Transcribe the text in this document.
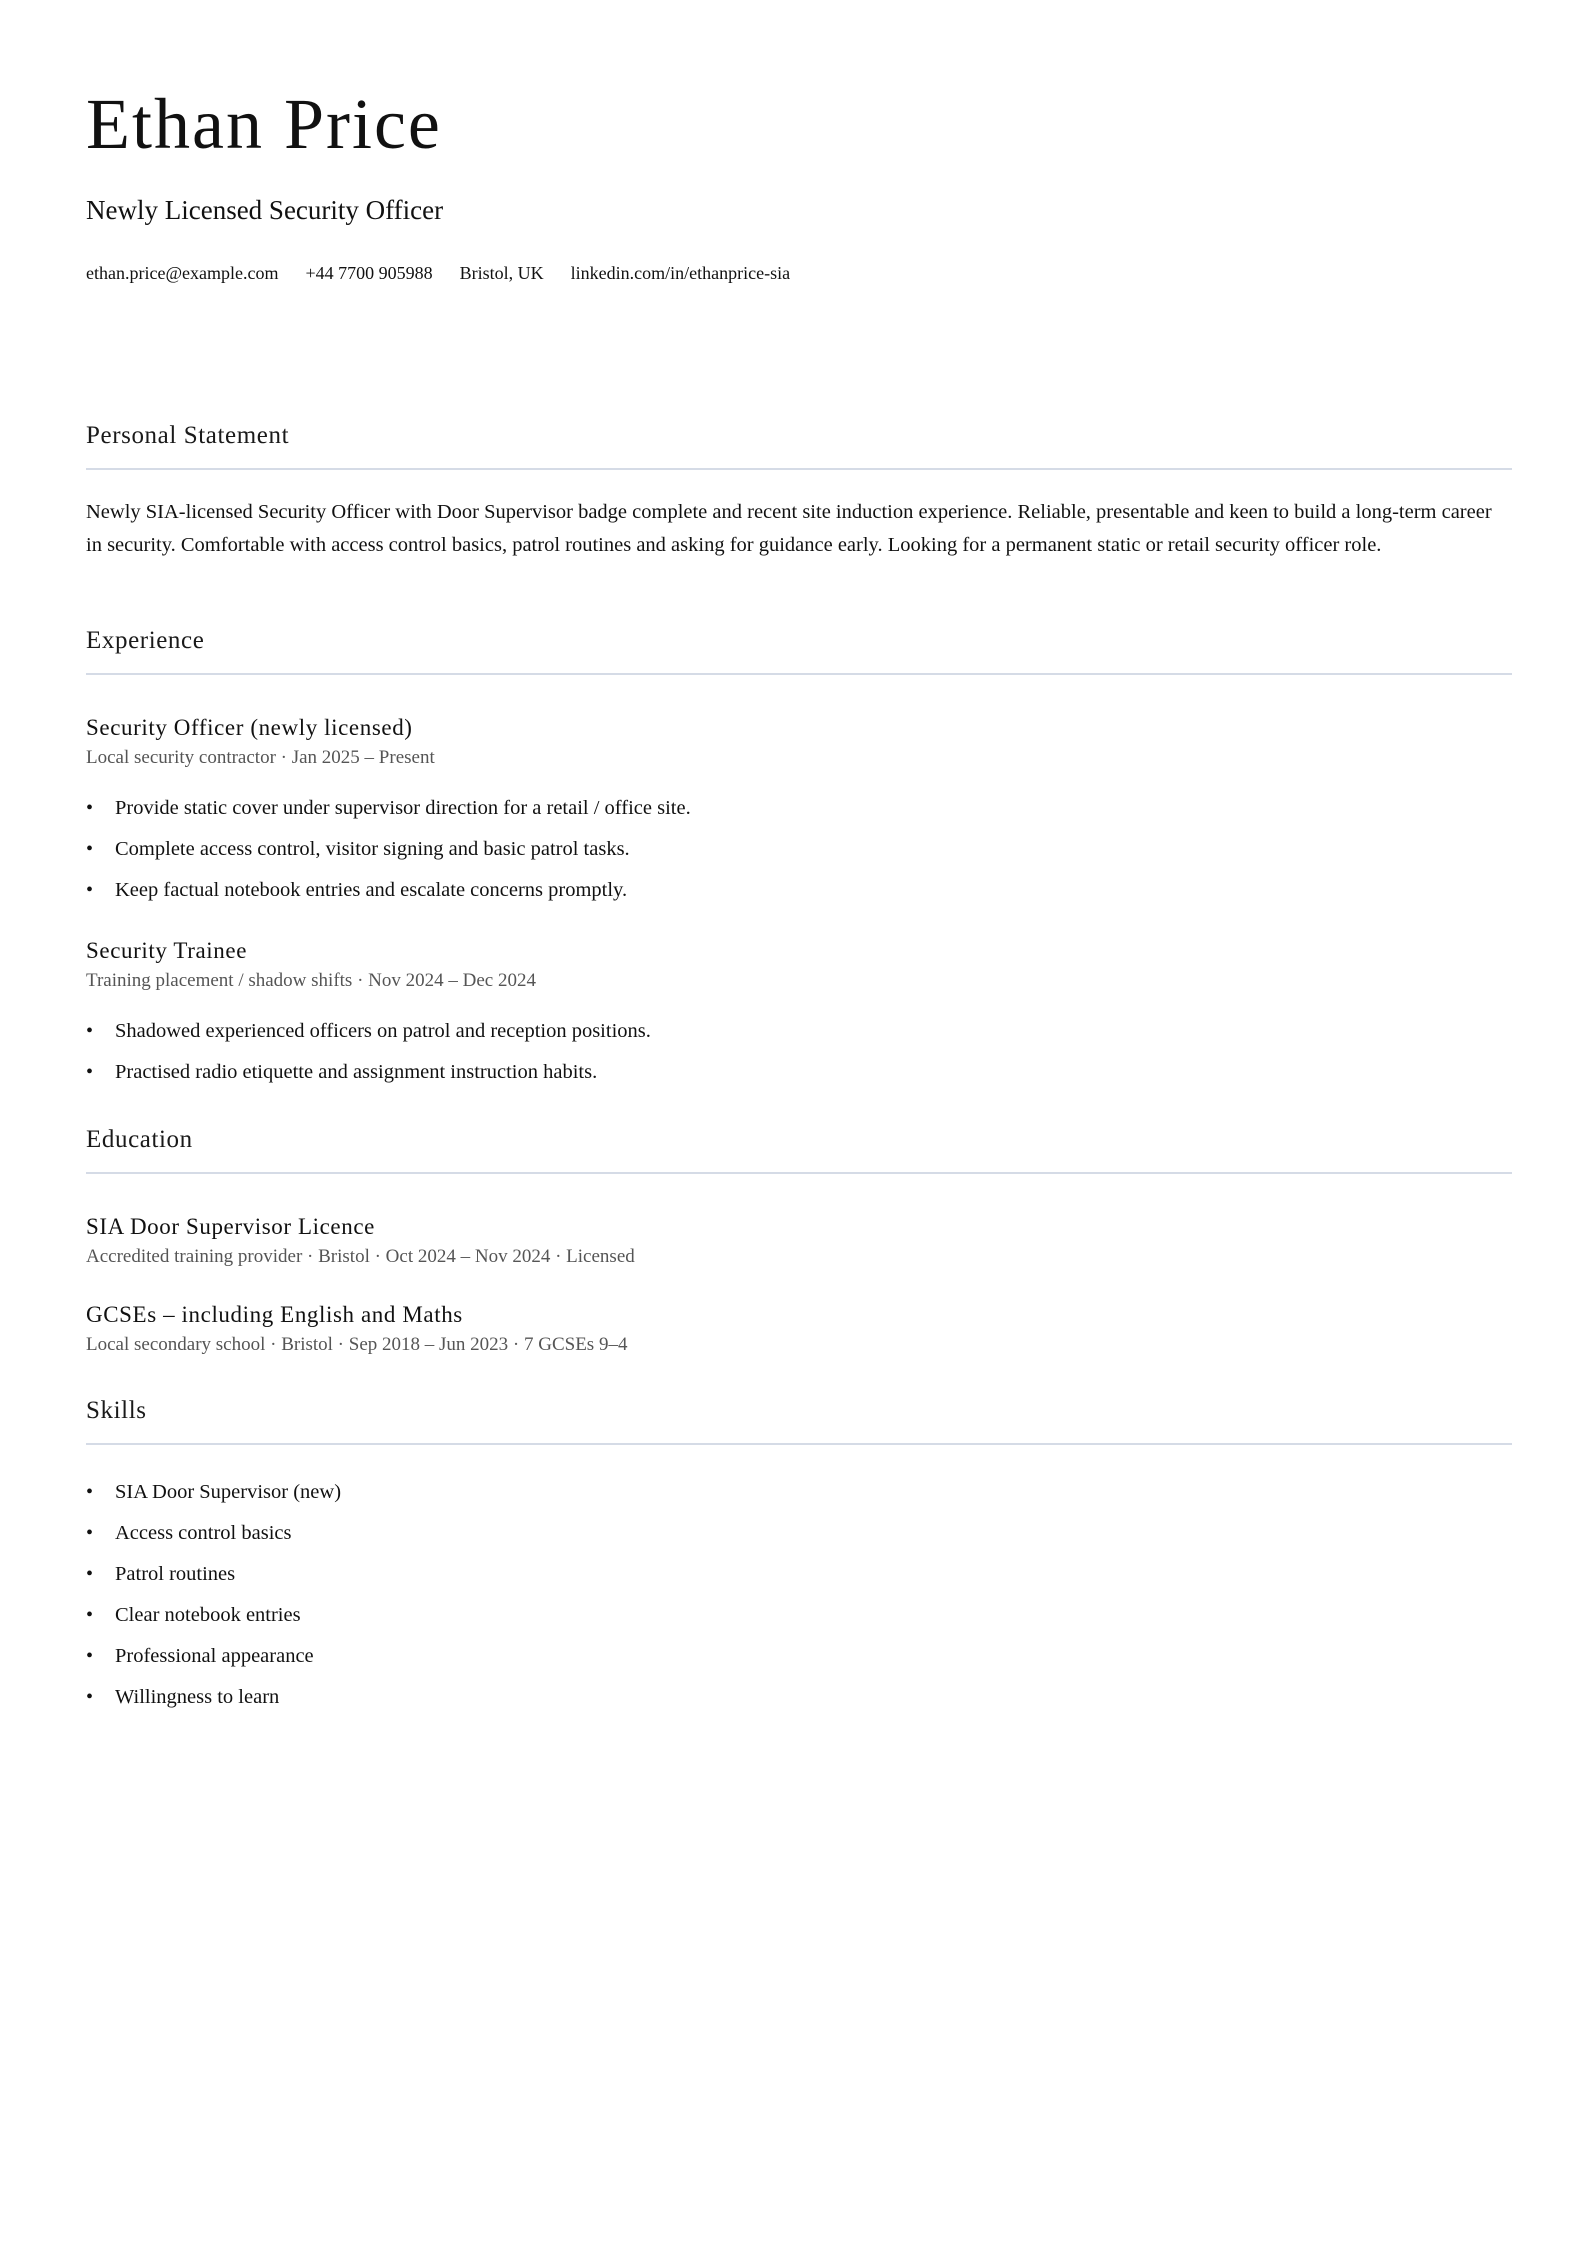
Ethan Price
Newly Licensed Security Officer
ethan.price@example.com +44 7700 905988 Bristol, UK linkedin.com/in/ethanprice-sia
Personal Statement
Newly SIA-licensed Security Officer with Door Supervisor badge complete and recent site induction experience. Reliable, presentable and keen to build a long-term career in security. Comfortable with access control basics, patrol routines and asking for guidance early. Looking for a permanent static or retail security officer role.
Experience
Security Officer (newly licensed)
Local security contractor · Jan 2025 – Present
• Provide static cover under supervisor direction for a retail / office site.
• Complete access control, visitor signing and basic patrol tasks.
• Keep factual notebook entries and escalate concerns promptly.
Security Trainee
Training placement / shadow shifts · Nov 2024 – Dec 2024
• Shadowed experienced officers on patrol and reception positions.
• Practised radio etiquette and assignment instruction habits.
Education
SIA Door Supervisor Licence
Accredited training provider · Bristol · Oct 2024 – Nov 2024 · Licensed
GCSEs – including English and Maths
Local secondary school · Bristol · Sep 2018 – Jun 2023 · 7 GCSEs 9–4
Skills
• SIA Door Supervisor (new)
• Access control basics
• Patrol routines
• Clear notebook entries
• Professional appearance
• Willingness to learn
